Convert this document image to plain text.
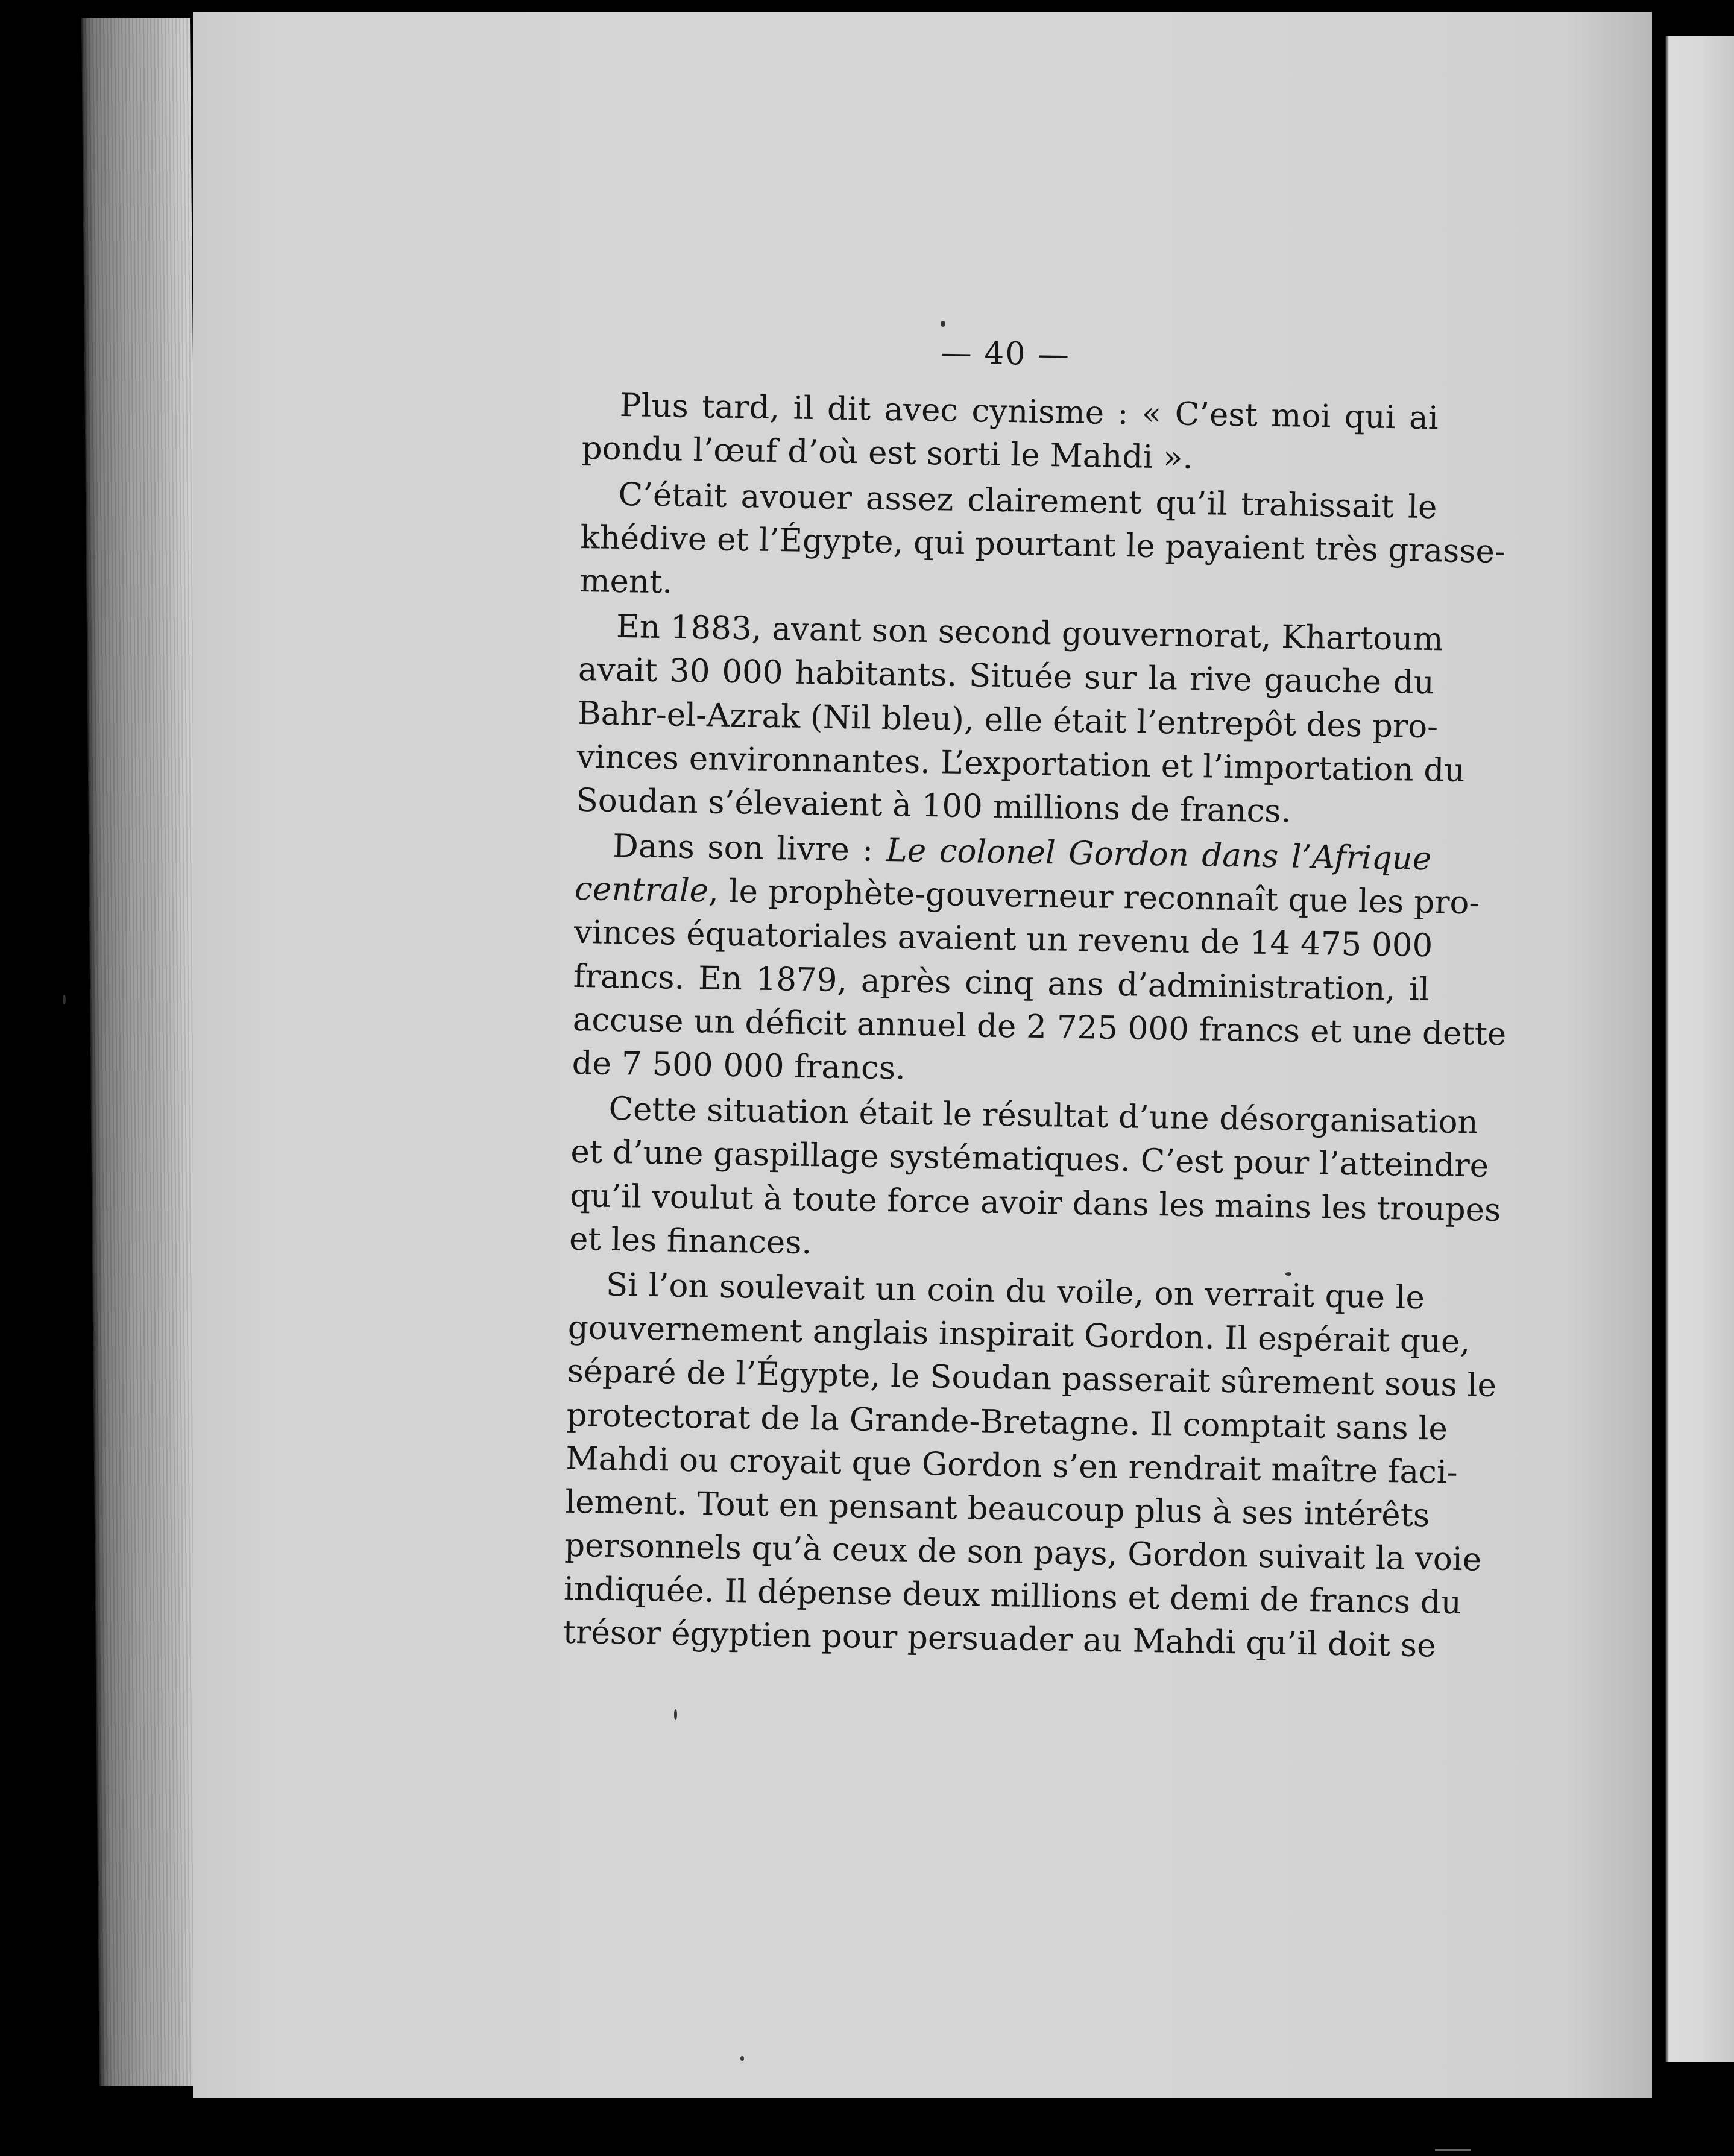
— 40 —
Plus tard, il dit avec cynisme : « C’est moi qui ai
pondu l’œuf d’où est sorti le Mahdi ».
C’était avouer assez clairement qu’il trahissait le
khédive et l’Égypte, qui pourtant le payaient très grasse-
ment.
En 1883, avant son second gouvernorat, Khartoum
avait 30 000 habitants. Située sur la rive gauche du
Bahr-el-Azrak (Nil bleu), elle était l’entrepôt des pro-
vinces environnantes. L’exportation et l’importation du
Soudan s’élevaient à 100 millions de francs.
Dans son livre : Le colonel Gordon dans l’Afrique
centrale, le prophète-gouverneur reconnaît que les pro-
vinces équatoriales avaient un revenu de 14 475 000
francs. En 1879, après cinq ans d’administration, il
accuse un déficit annuel de 2 725 000 francs et une dette
de 7 500 000 francs.
Cette situation était le résultat d’une désorganisation
et d’une gaspillage systématiques. C’est pour l’atteindre
qu’il voulut à toute force avoir dans les mains les troupes
et les finances.
Si l’on soulevait un coin du voile, on verrait que le
gouvernement anglais inspirait Gordon. Il espérait que,
séparé de l’Égypte, le Soudan passerait sûrement sous le
protectorat de la Grande-Bretagne. Il comptait sans le
Mahdi ou croyait que Gordon s’en rendrait maître faci-
lement. Tout en pensant beaucoup plus à ses intérêts
personnels qu’à ceux de son pays, Gordon suivait la voie
indiquée. Il dépense deux millions et demi de francs du
trésor égyptien pour persuader au Mahdi qu’il doit se
